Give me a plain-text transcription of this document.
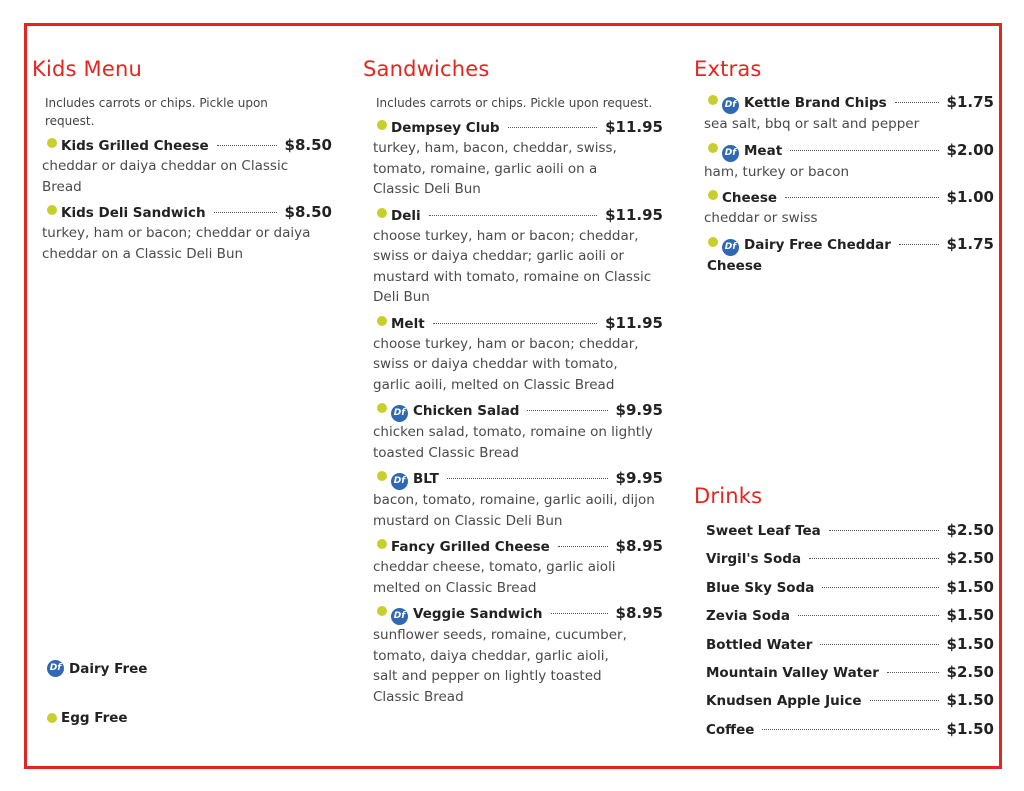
Kids Menu
Includes carrots or chips. Pickle upon request.
Kids Grilled Cheese	$8.50
cheddar or daiya cheddar on Classic Bread
Kids Deli Sandwich	$8.50
turkey, ham or bacon; cheddar or daiya cheddar on a Classic Deli Bun
Df Dairy Free
Egg Free
Sandwiches
Includes carrots or chips. Pickle upon request.
Dempsey Club	$11.95
turkey, ham, bacon, cheddar, swiss, tomato, romaine, garlic aoili on a Classic Deli Bun
Deli	$11.95
choose turkey, ham or bacon; cheddar, swiss or daiya cheddar; garlic aoili or mustard with tomato, romaine on Classic Deli Bun
Melt	$11.95
choose turkey, ham or bacon; cheddar, swiss or daiya cheddar with tomato, garlic aoili, melted on Classic Bread
Df Chicken Salad	$9.95
chicken salad, tomato, romaine on lightly toasted Classic Bread
Df BLT	$9.95
bacon, tomato, romaine, garlic aoili, dijon mustard on Classic Deli Bun
Fancy Grilled Cheese	$8.95
cheddar cheese, tomato, garlic aioli melted on Classic Bread
Df Veggie Sandwich	$8.95
sunflower seeds, romaine, cucumber, tomato, daiya cheddar, garlic aioli, salt and pepper on lightly toasted Classic Bread
Extras
Df Kettle Brand Chips	$1.75
sea salt, bbq or salt and pepper
Df Meat	$2.00
ham, turkey or bacon
Cheese	$1.00
cheddar or swiss
Df Dairy Free Cheddar	$1.75
Cheese
Drinks
Sweet Leaf Tea	$2.50
Virgil's Soda	$2.50
Blue Sky Soda	$1.50
Zevia Soda	$1.50
Bottled Water	$1.50
Mountain Valley Water	$2.50
Knudsen Apple Juice	$1.50
Coffee	$1.50
